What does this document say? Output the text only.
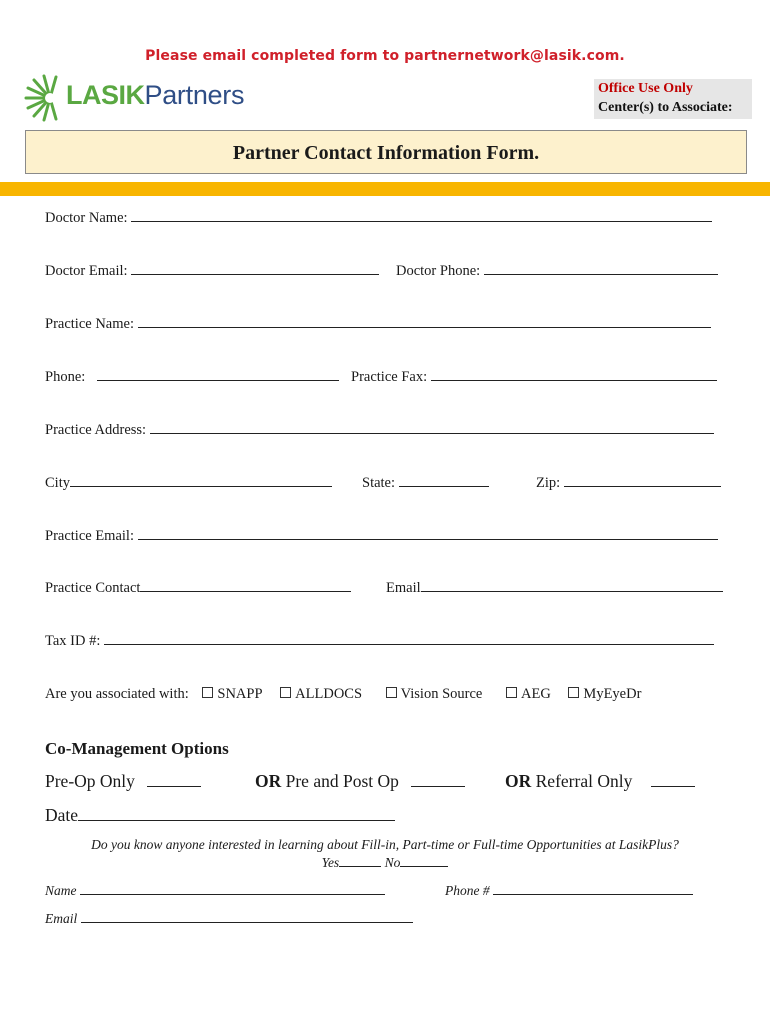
Please email completed form to partnernetwork@lasik.com.
LASIKPartners	Office Use Only
Center(s) to Associate:
Partner Contact Information Form.
Doctor Name:
Doctor Email:	Doctor Phone:
Practice Name:
Phone:	Practice Fax:
Practice Address:
City	State:	Zip:
Practice Email:
Practice Contact	Email
Tax ID #:
Are you associated with: SNAPP ALLDOCS	Vision Source	AEG MyEyeDr
Co-Management Options
Pre-Op Only	OR Pre and Post Op	OR Referral Only
Date
Do you know anyone interested in learning about Fill-in, Part-time or Full-time Opportunities at LasikPlus?
Yes	No
Name	Phone #
Email
